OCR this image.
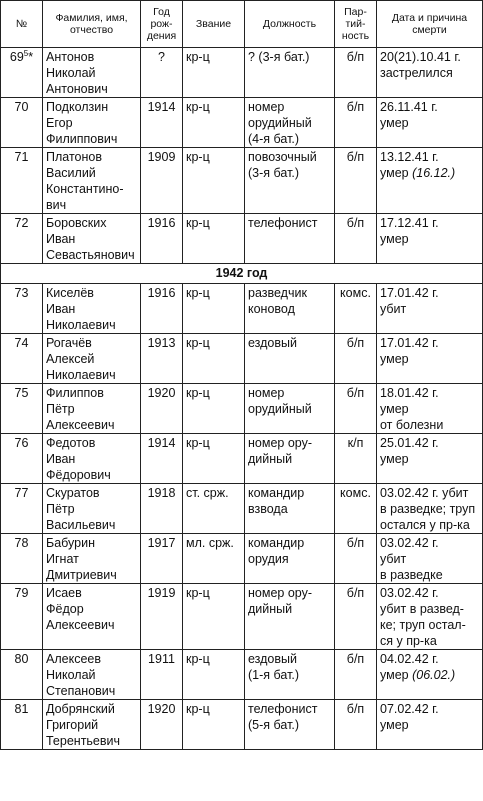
№	Фамилия, имя,
отчество	Год
рож-
дения	Звание	Должность	Пар-
тий-
ность	Дата и причина
смерти

$69^5*$	Антонов
Николай
Антонович	?	кр-ц	? (3-я бат.)	б/п	20(21).10.41 г.
застрелился

70	Подколзин
Егор
Филиппович	1914	кр-ц	номер
орудийный
(4-я бат.)	б/п	26.11.41 г.
умер

71	Платонов
Василий
Константино-
вич	1909	кр-ц	повозочный
(3-я бат.)	б/п	13.12.41 г.
умер (16.12.)

72	Боровских
Иван
Севастьянович	1916	кр-ц	телефонист	б/п	17.12.41 г.
умер

1942 год						
73	Киселёв
Иван
Николаевич	1916	кр-ц	разведчик
коновод	комс.	17.01.42 г.
убит

74	Рогачёв
Алексей
Николаевич	1913	кр-ц	ездовый	б/п	17.01.42 г.
умер

75	Филиппов
Пётр
Алексеевич	1920	кр-ц	номер
орудийный	б/п	18.01.42 г.
умер
от болезни

76	Федотов
Иван
Фёдорович	1914	кр-ц	номер ору-
дийный	к/п	25.01.42 г.
умер

77	Скуратов
Пётр
Васильевич	1918	ст. срж.	командир
взвода	комс.	03.02.42 г. убит
в разведке; труп
остался у пр-ка

78	Бабурин
Игнат
Дмитриевич	1917	мл. срж.	командир
орудия	б/п	03.02.42 г.
убит
в разведке

79	Исаев
Фёдор
Алексеевич	1919	кр-ц	номер ору-
дийный	б/п	03.02.42 г.
убит в развед-
ке; труп остал-
ся у пр-ка

80	Алексеев
Николай
Степанович	1911	кр-ц	ездовый
(1-я бат.)	б/п	04.02.42 г.
умер (06.02.)

81	Добрянский
Григорий
Терентьевич	1920	кр-ц	телефонист
(5-я бат.)	б/п	07.02.42 г.
умер
